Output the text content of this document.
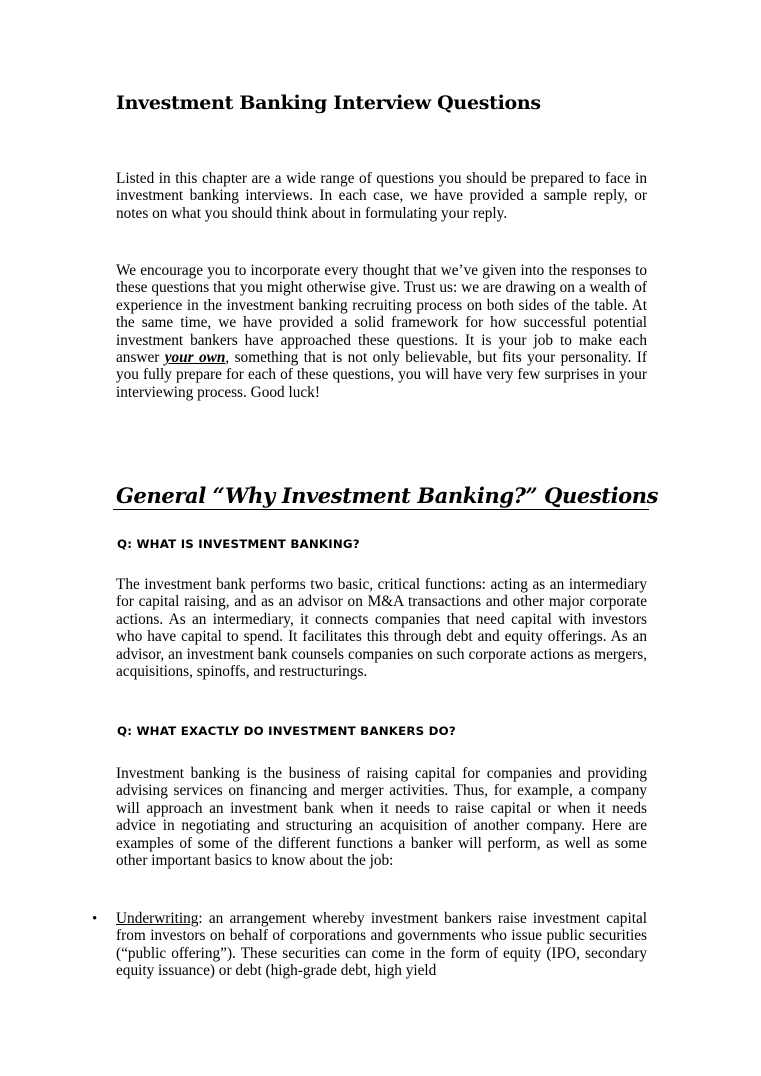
Investment Banking Interview Questions

Listed in this chapter are a wide range of questions you should be prepared to face in investment banking interviews. In each case, we have provided a sample reply, or notes on what you should think about in formulating your reply.

We encourage you to incorporate every thought that we’ve given into the responses to these questions that you might otherwise give. Trust us: we are drawing on a wealth of experience in the investment banking recruiting process on both sides of the table. At the same time, we have provided a solid framework for how successful potential investment bankers have approached these questions. It is your job to make each answer your own, something that is not only believable, but fits your personality. If you fully prepare for each of these questions, you will have very few surprises in your interviewing process. Good luck!

General “Why Investment Banking?” Questions
Q: WHAT IS INVESTMENT BANKING?

The investment bank performs two basic, critical functions: acting as an intermediary for capital raising, and as an advisor on M&A transactions and other major corporate actions. As an intermediary, it connects companies that need capital with investors who have capital to spend. It facilitates this through debt and equity offerings. As an advisor, an investment bank counsels companies on such corporate actions as mergers, acquisitions, spinoffs, and restructurings.

Q: WHAT EXACTLY DO INVESTMENT BANKERS DO?

Investment banking is the business of raising capital for companies and providing advising services on financing and merger activities. Thus, for example, a company will approach an investment bank when it needs to raise capital or when it needs advice in negotiating and structuring an acquisition of another company. Here are examples of some of the different functions a banker will perform, as well as some other important basics to know about the job:

• Underwriting: an arrangement whereby investment bankers raise investment capital from investors on behalf of corporations and governments who issue public securities (“public offering”). These securities can come in the form of equity (IPO, secondary equity issuance) or debt (high-grade debt, high yield
